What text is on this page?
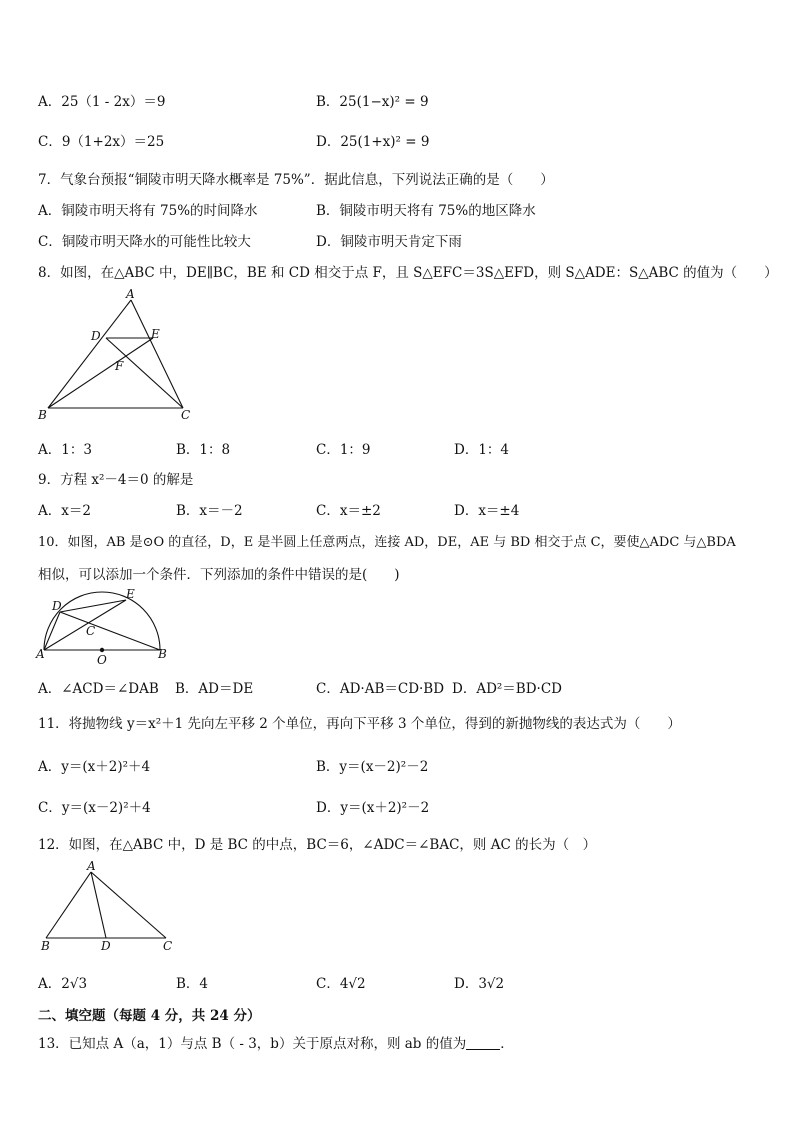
A．25（1 - 2x）＝9	B．25(1−x)² = 9
C．9（1+2x）＝25	D．25(1+x)² = 9
7．气象台预报“铜陵市明天降水概率是 75%”．据此信息，下列说法正确的是（　　）
A．铜陵市明天将有 75%的时间降水	B．铜陵市明天将有 75%的地区降水
C．铜陵市明天降水的可能性比较大	D．铜陵市明天肯定下雨
8．如图，在△ABC 中，DE∥BC，BE 和 CD 相交于点 F，且 S△EFC＝3S△EFD，则 S△ADE：S△ABC 的值为（　　）
A
D	E
F
B	C
A．1：3	B．1：8	C．1：9	D．1：4
9．方程 x²－4＝0 的解是
A．x＝2	B．x＝－2	C．x＝±2	D．x＝±4
10．如图，AB 是⊙O 的直径，D，E 是半圆上任意两点，连接 AD，DE，AE 与 BD 相交于点 C，要使△ADC 与△BDA
相似，可以添加一个条件．下列添加的条件中错误的是(　　)
D
E
C
A	B
O
A．∠ACD＝∠DAB B．AD＝DE	C．AD·AB＝CD·BD D．AD²＝BD·CD
11．将抛物线 y＝x²＋1 先向左平移 2 个单位，再向下平移 3 个单位，得到的新抛物线的表达式为（　　）
A．y＝(x＋2)²＋4	B．y＝(x－2)²－2
C．y＝(x－2)²＋4	D．y＝(x＋2)²－2
12．如图，在△ABC 中，D 是 BC 的中点，BC＝6，∠ADC＝∠BAC，则 AC 的长为（　）
A
B	D	C
A．2√3	B．4	C．4√2	D．3√2
二、填空题（每题 4 分，共 24 分）
13．已知点 A（a，1）与点 B（ - 3，b）关于原点对称，则 ab 的值为	．
